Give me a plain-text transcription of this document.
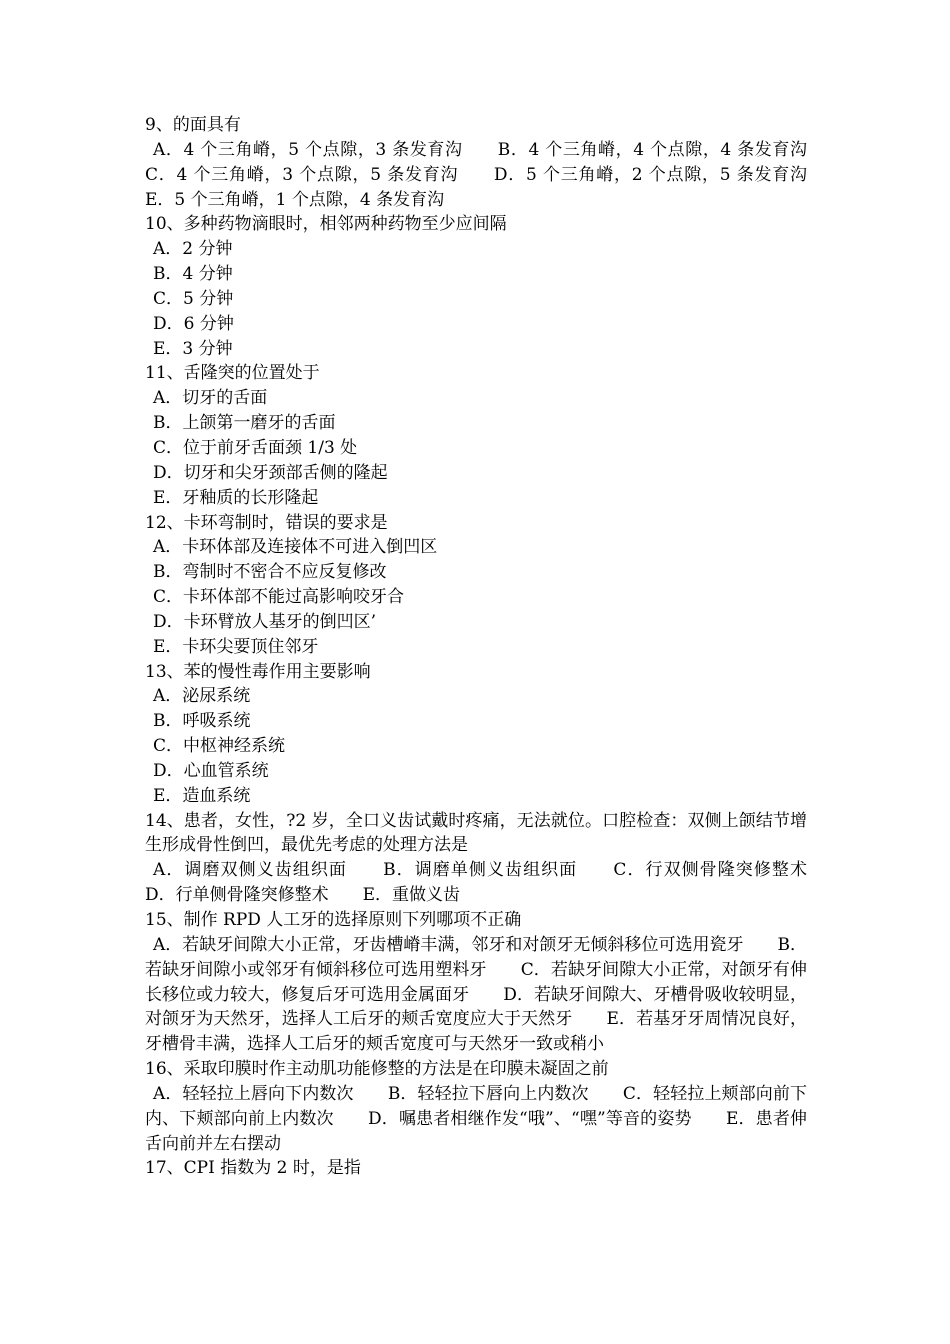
9、的面具有
A．4 个三角嵴，5 个点隙，3 条发育沟　　B．4 个三角嵴，4 个点隙，4 条发育沟　　C．4 个三角嵴，3 个点隙，5 条发育沟　　D．5 个三角嵴，2 个点隙，5 条发育沟　　E．5 个三角嵴，1 个点隙，4 条发育沟
10、多种药物滴眼时，相邻两种药物至少应间隔
A．2 分钟
B．4 分钟
C．5 分钟
D．6 分钟
E．3 分钟
11、舌隆突的位置处于
A．切牙的舌面
B．上颌第一磨牙的舌面
C．位于前牙舌面颈 1/3 处
D．切牙和尖牙颈部舌侧的隆起
E．牙釉质的长形隆起
12、卡环弯制时，错误的要求是
A．卡环体部及连接体不可进入倒凹区
B．弯制时不密合不应反复修改
C．卡环体部不能过高影响咬牙合
D．卡环臂放人基牙的倒凹区’
E．卡环尖要顶住邻牙
13、苯的慢性毒作用主要影响
A．泌尿系统
B．呼吸系统
C．中枢神经系统
D．心血管系统
E．造血系统
14、患者，女性，?2 岁，全口义齿试戴时疼痛，无法就位。口腔检查：双侧上颌结节增生形成骨性倒凹，最优先考虑的处理方法是
A．调磨双侧义齿组织面　　B．调磨单侧义齿组织面　　C．行双侧骨隆突修整术　　D．行单侧骨隆突修整术　　E．重做义齿
15、制作 RPD 人工牙的选择原则下列哪项不正确
A．若缺牙间隙大小正常，牙齿槽嵴丰满，邻牙和对颌牙无倾斜移位可选用瓷牙　　B．若缺牙间隙小或邻牙有倾斜移位可选用塑料牙　　C．若缺牙间隙大小正常，对颌牙有伸长移位或力较大，修复后牙可选用金属面牙　　D．若缺牙间隙大、牙槽骨吸收较明显，对颌牙为天然牙，选择人工后牙的颊舌宽度应大于天然牙　　E．若基牙牙周情况良好，牙槽骨丰满，选择人工后牙的颊舌宽度可与天然牙一致或稍小
16、采取印膜时作主动肌功能修整的方法是在印膜未凝固之前
A．轻轻拉上唇向下内数次　　B．轻轻拉下唇向上内数次　　C．轻轻拉上颊部向前下内、下颊部向前上内数次　　D．嘱患者相继作发“哦”、“嘿”等音的姿势　　E．患者伸舌向前并左右摆动
17、CPI 指数为 2 时，是指
